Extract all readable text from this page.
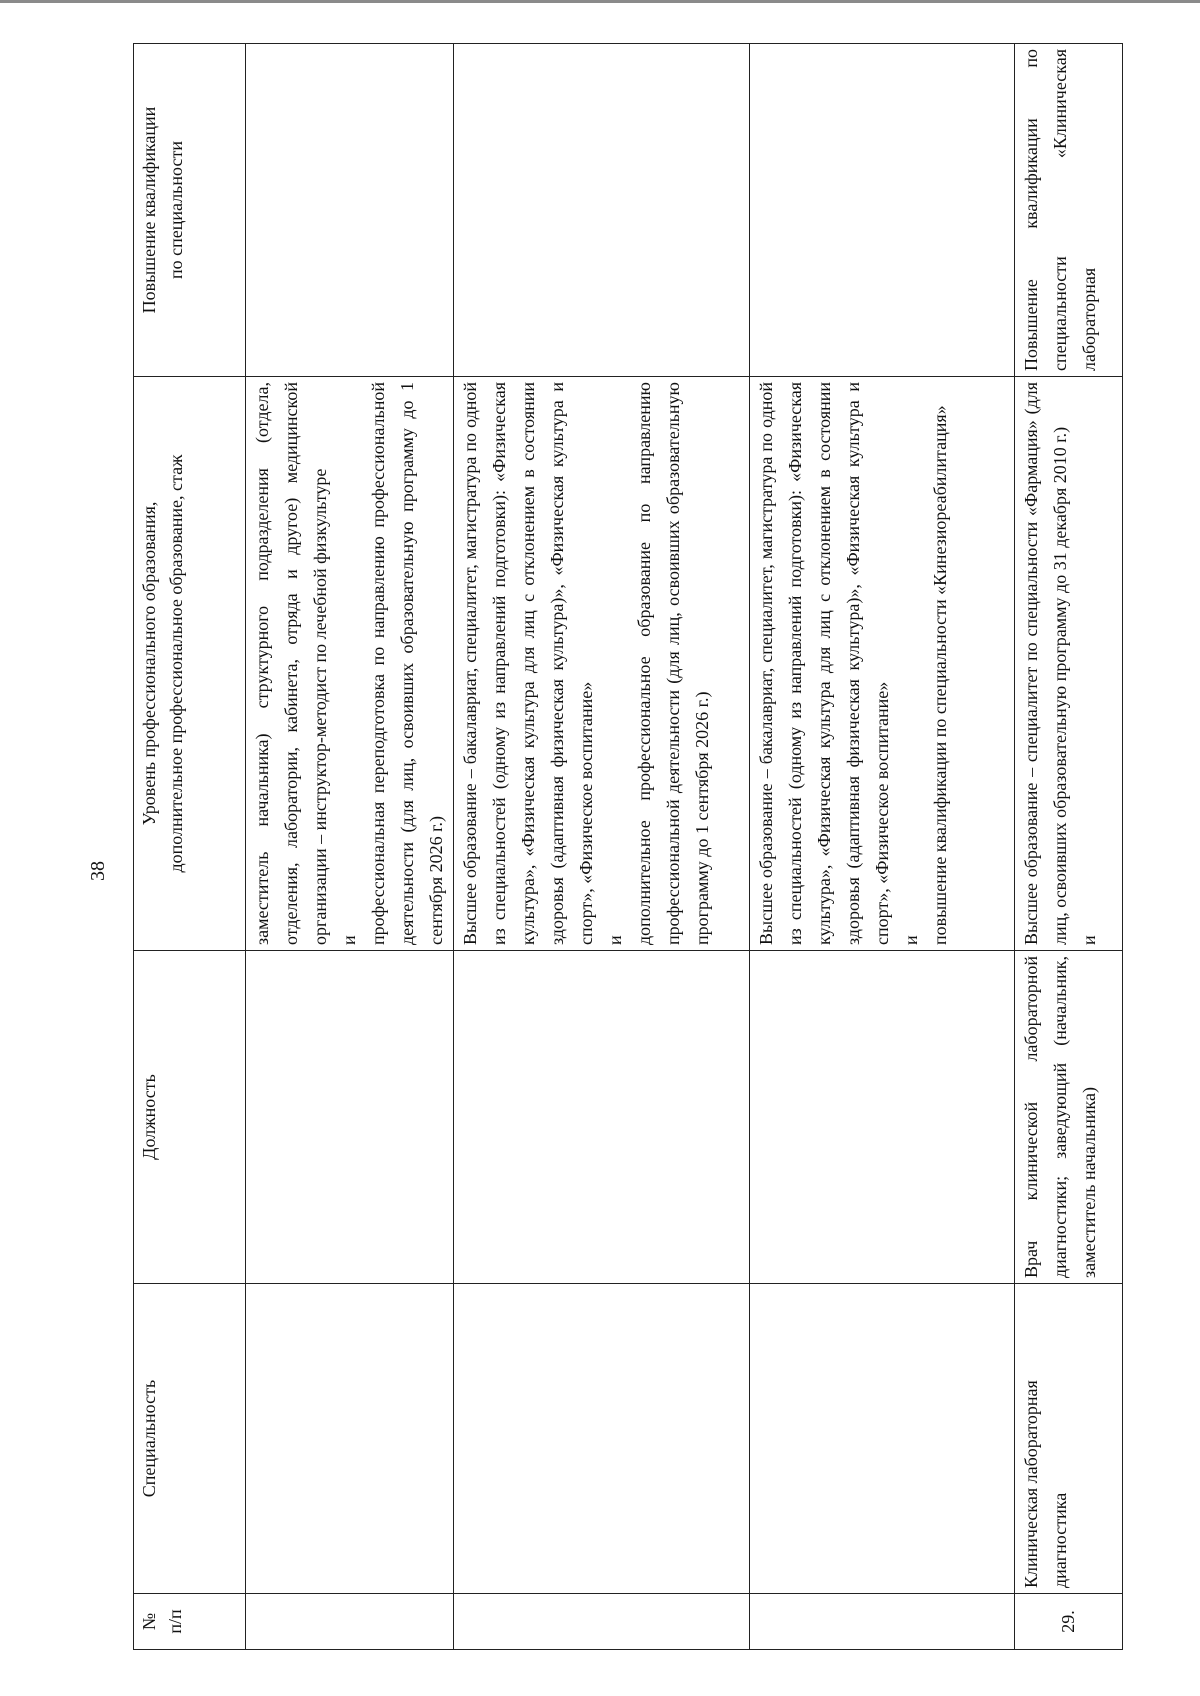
38
№
п/п	Специальность	Должность	Уровень профессионального образования,
дополнительное профессиональное образование, стаж	Повышение квалификации
по специальности

			заместитель начальника) структурного подразделения (отдела, отделения, лаборатории, кабинета, отряда и другое) медицинской организации – инструктор-методист по лечебной физкультуре и профессиональная переподготовка по направлению профессиональной деятельности (для лиц, освоивших образовательную программу до 1 сентября 2026 г.)	

			Высшее образование – бакалавриат, специалитет, магистратура по одной из специальностей (одному из направлений подготовки): «Физическая культура», «Физическая культура для лиц с отклонением в состоянии здоровья (адаптивная физическая культура)», «Физическая культура и спорт», «Физическое воспитание» и дополнительное профессиональное образование по направлению профессиональной деятельности (для лиц, освоивших образовательную программу до 1 сентября 2026 г.)	

			Высшее образование – бакалавриат, специалитет, магистратура по одной из специальностей (одному из направлений подготовки): «Физическая культура», «Физическая культура для лиц с отклонением в состоянии здоровья (адаптивная физическая культура)», «Физическая культура и спорт», «Физическое воспитание» и повышение квалификации по специальности «Кинезиореабилитация»	

29.	Клиническая лабораторная диагностика	Врач клинической лабораторной диагностики; заведующий (начальник, заместитель начальника)	Высшее образование – специалитет по специальности «Фармация» (для лиц, освоивших образовательную программу до 31 декабря 2010 г.) и	Повышение квалификации по специальности «Клиническая лабораторная
